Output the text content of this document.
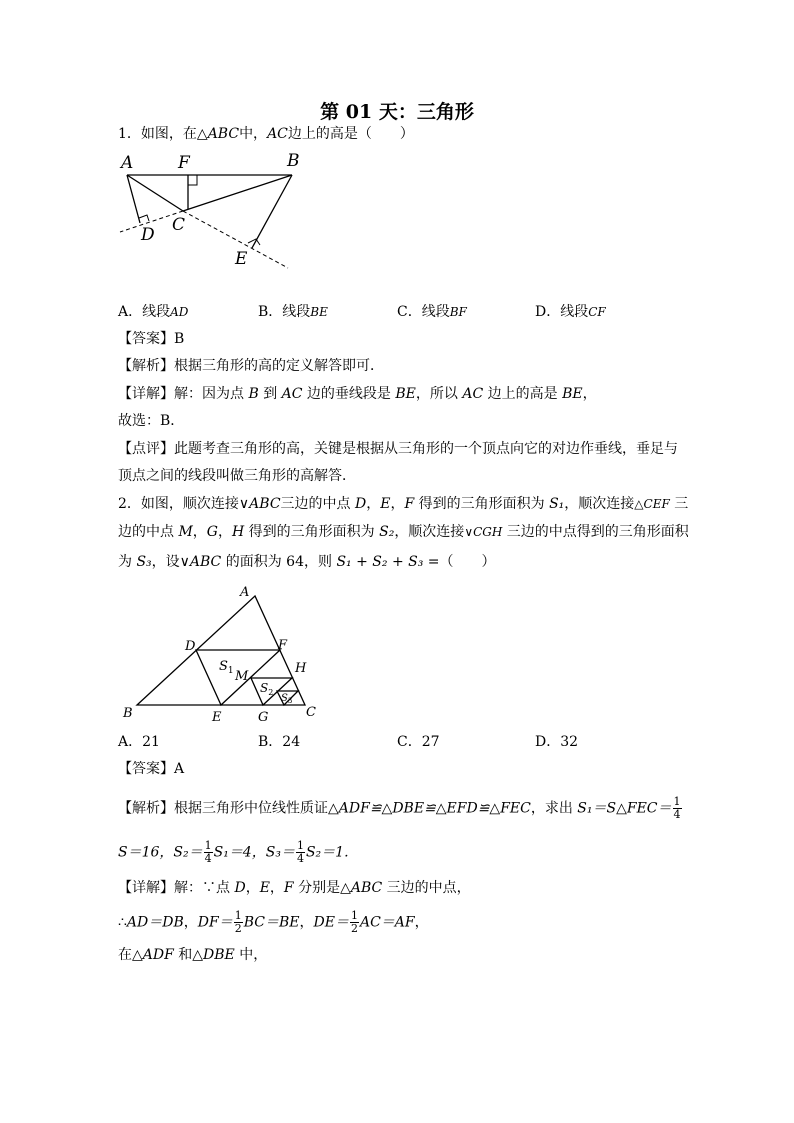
第 01 天：三角形
1．如图，在△ABC中，AC边上的高是（　　）
A	F	B
D C
E
A．线段AD	B．线段BE	C．线段BF	D．线段CF
【答案】B
【解析】根据三角形的高的定义解答即可．
【详解】解：因为点 B 到 AC 边的垂线段是 BE，所以 AC 边上的高是 BE，
故选：B．
【点评】此题考查三角形的高，关键是根据从三角形的一个顶点向它的对边作垂线，垂足与
顶点之间的线段叫做三角形的高解答．
2．如图，顺次连接∨ABC三边的中点 D，E，F 得到的三角形面积为 S₁，顺次连接△CEF 三
边的中点 M，G，H 得到的三角形面积为 S₂，顺次连接∨CGH 三边的中点得到的三角形面积
为 S₃，设∨ABC 的面积为 64，则 S₁ + S₂ + S₃ =（　　）
A
D	F
H
$S_1$ M
$S_2$
$S_3$
B	E	G	C
A．21	B．24	C．27	D．32
【答案】A
【解析】根据三角形中位线性质证△ADF≌△DBE≌△EFD≌△FEC，求出 S₁＝S△FEC＝ $\frac{1}{4}$
S＝16，$S_2= \frac{1}{4} S_1=4$，$S_3= \frac{1}{4} S_2=1$．
【详解】解：∵点 D，E，F 分别是△ABC 三边的中点，
∴AD＝DB，$DF= \frac{1}{2} BC=BE$，$DE= \frac{1}{2} AC=AF$，
在△ADF 和△DBE 中，
